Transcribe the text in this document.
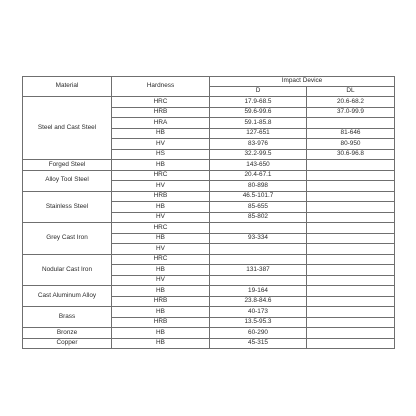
Material	Hardness	Impact Device	
		D	DL
Steel and Cast Steel	HRC	17.9-68.5	20.6-68.2
	HRB	59.6-99.6	37.0-99.9
	HRA	59.1-85.8	
	HB	127-651	81-646
	HV	83-976	80-950
	HS	32.2-99.5	30.6-96.8
Forged Steel	HB	143-650	
Alloy Tool Steel	HRC	20.4-67.1	
	HV	80-898	
Stainless Steel	HRB	46.5-101.7	
	HB	85-655	
	HV	85-802	
Grey Cast Iron	HRC		
	HB	93-334	
	HV		
Nodular Cast Iron	HRC		
	HB	131-387	
	HV		
Cast Aluminum Alloy	HB	19-164	
	HRB	23.8-84.6	
Brass	HB	40-173	
	HRB	13.5-95.3	
Bronze	HB	60-290	
Copper	HB	45-315	
